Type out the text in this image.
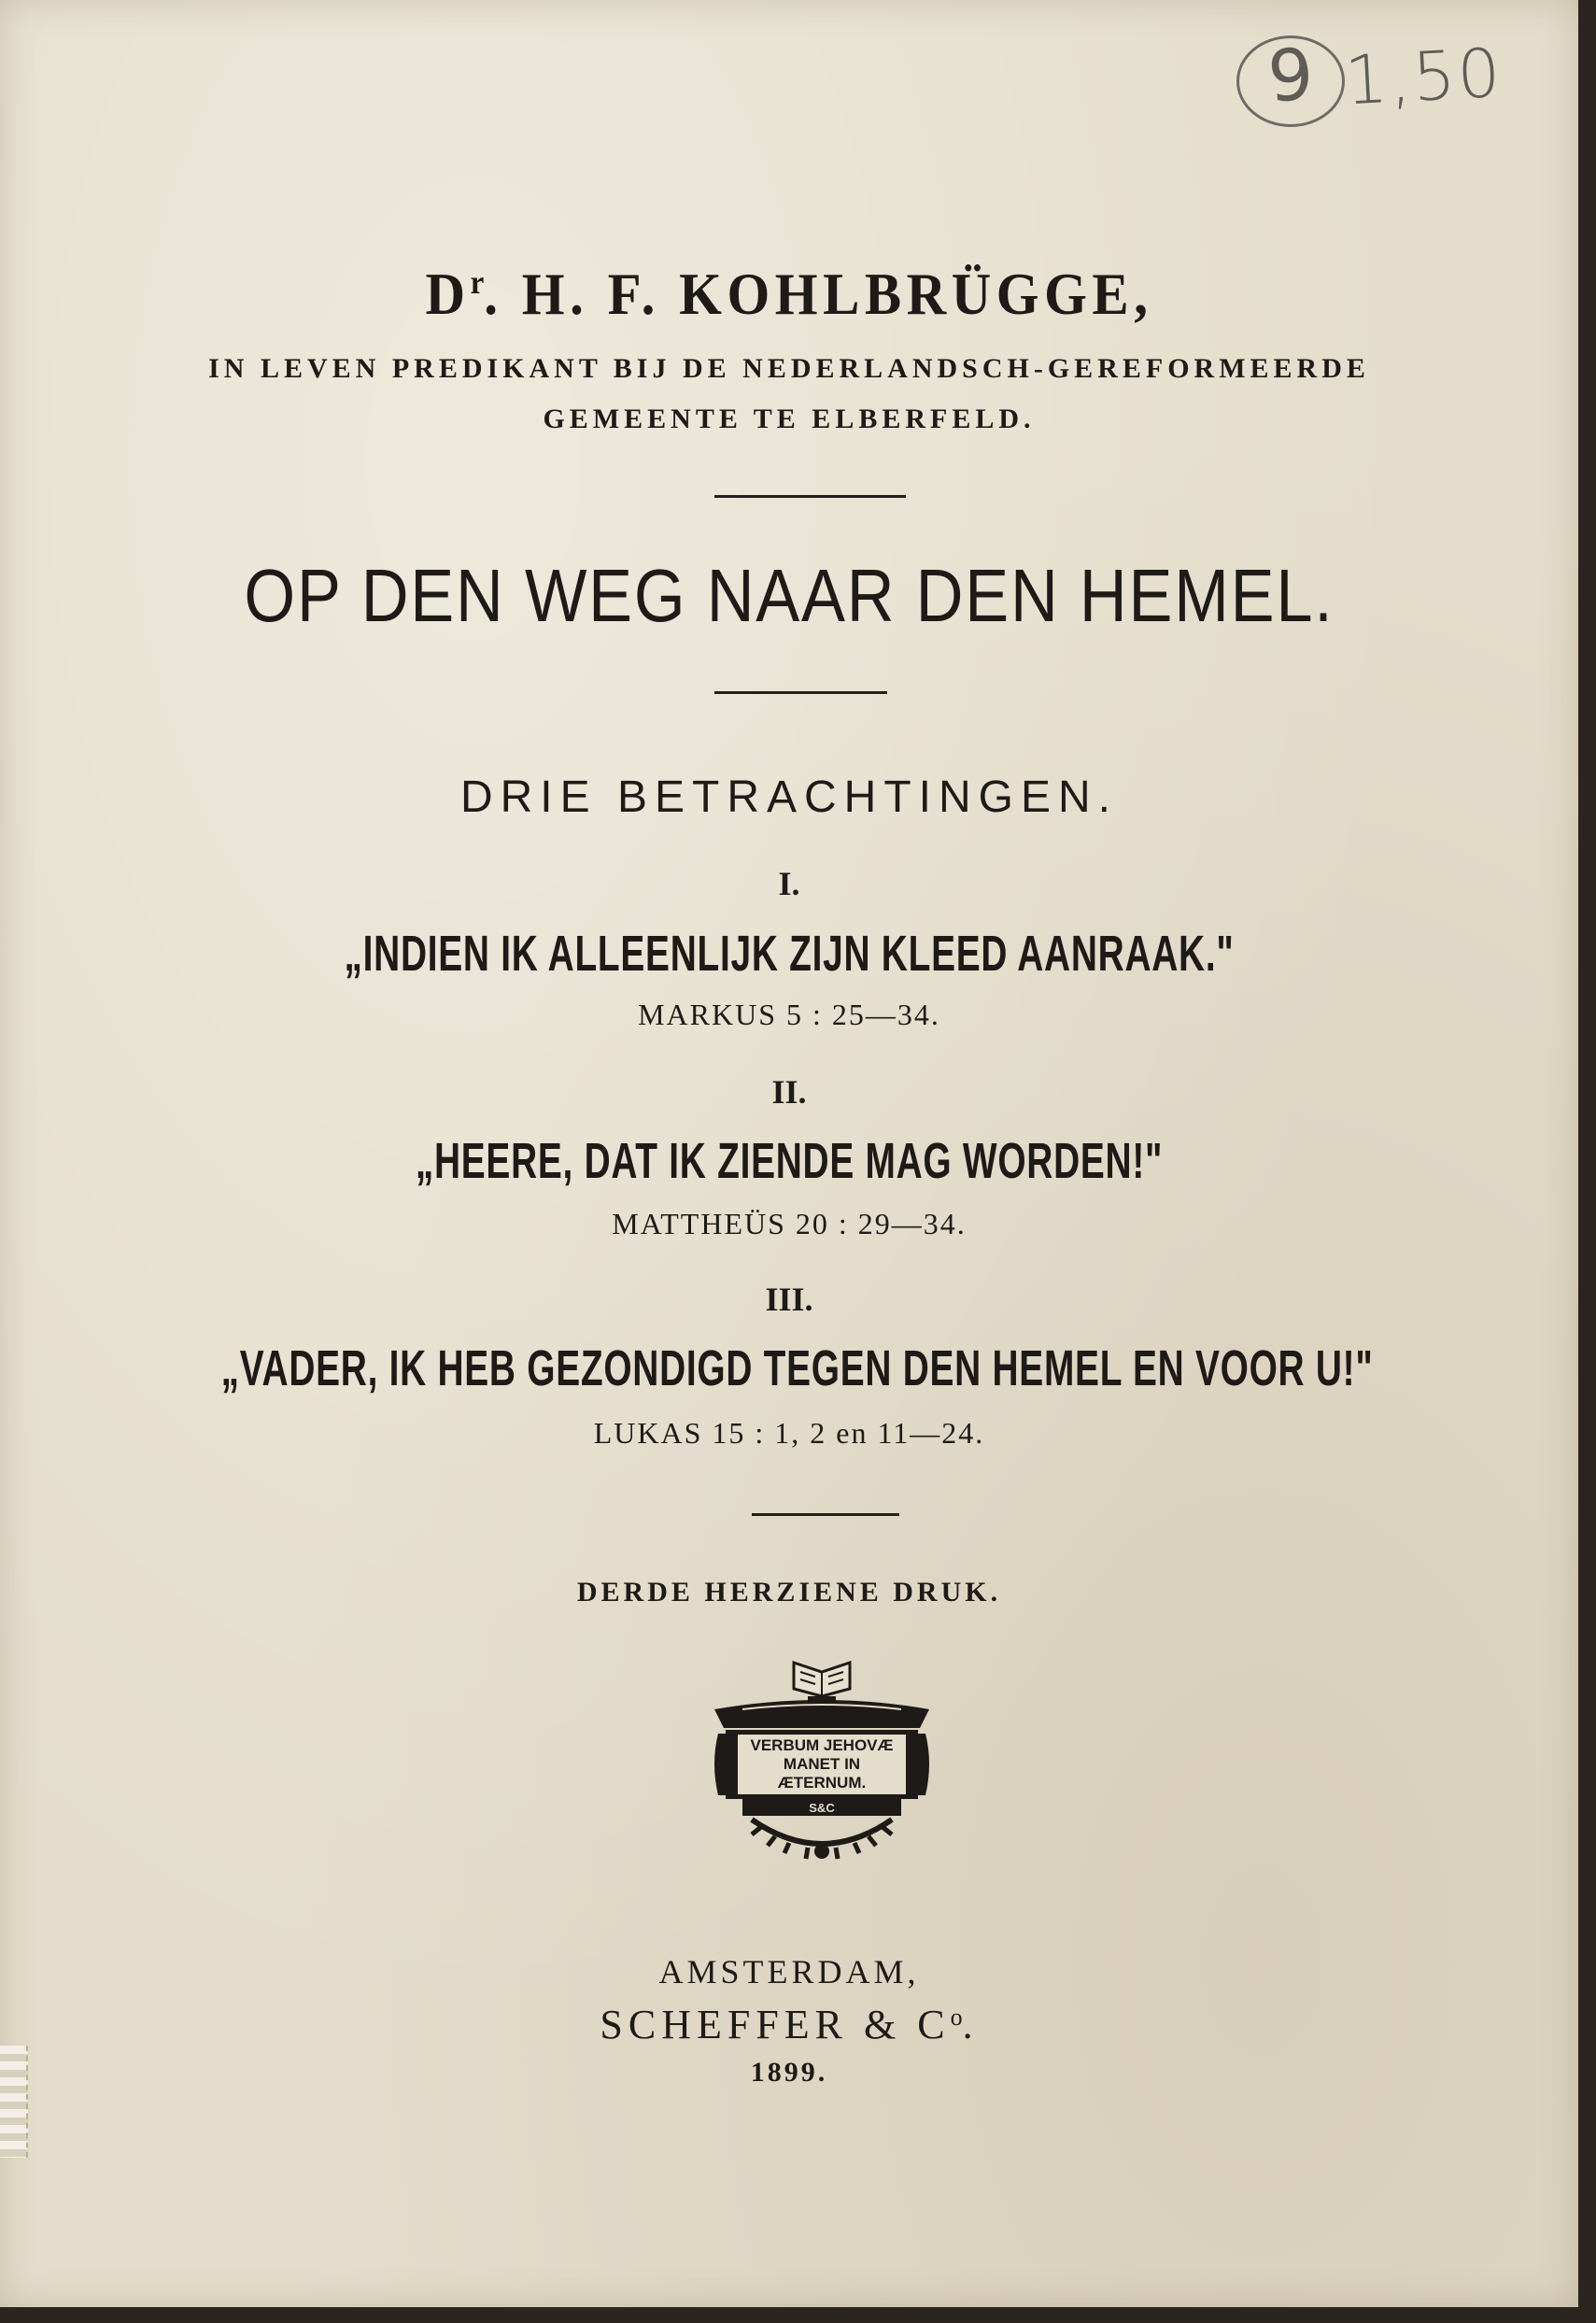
9 1,50
$D^r$. H. F. KOHLBRÜGGE,
IN LEVEN PREDIKANT BIJ DE NEDERLANDSCH-GEREFORMEERDE
GEMEENTE TE ELBERFELD.
OP DEN WEG NAAR DEN HEMEL.
DRIE BETRACHTINGEN.
I.
„INDIEN IK ALLEENLIJK ZIJN KLEED AANRAAK."
MARKUS 5 : 25—34.
II.
„HEERE, DAT IK ZIENDE MAG WORDEN!"
MATTHEÜS 20 : 29—34.
III.
„VADER, IK HEB GEZONDIGD TEGEN DEN HEMEL EN VOOR U!"
LUKAS 15 : 1, 2 en 11—24.
DERDE HERZIENE DRUK.
VERBUM JEHOVÆ
MANET IN
ÆTERNUM.
S&C
AMSTERDAM,
SCHEFFER & $C^o$.
1899.
